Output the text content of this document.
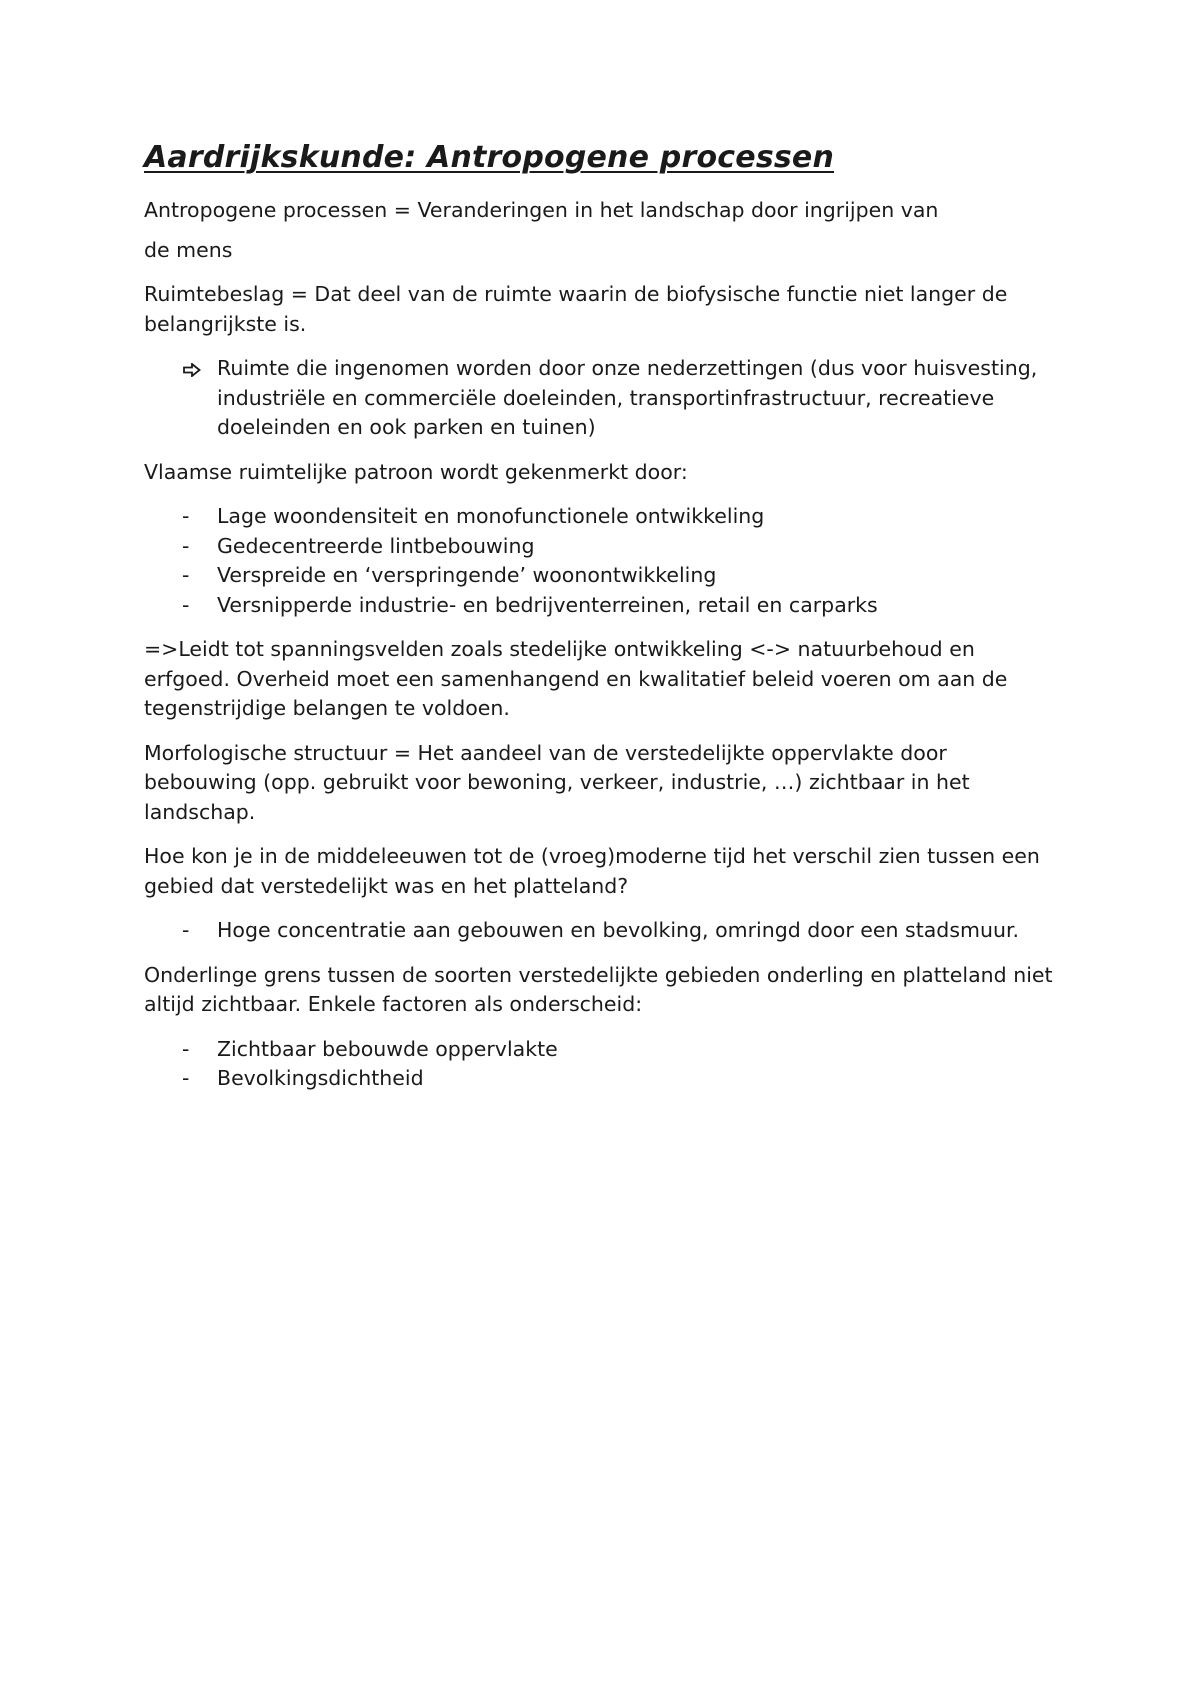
Aardrijkskunde: Antropogene processen

Antropogene processen = Veranderingen in het landschap door ingrijpen van

de mens

Ruimtebeslag = Dat deel van de ruimte waarin de biofysische functie niet langer de belangrijkste is.

Ruimte die ingenomen worden door onze nederzettingen (dus voor huisvesting, industriële en commerciële doeleinden, transportinfrastructuur, recreatieve doeleinden en ook parken en tuinen)

Vlaamse ruimtelijke patroon wordt gekenmerkt door:

-	Lage woondensiteit en monofunctionele ontwikkeling
-	Gedecentreerde lintbebouwing
-	Verspreide en ‘verspringende’ woonontwikkeling
-	Versnipperde industrie- en bedrijventerreinen, retail en carparks

=>Leidt tot spanningsvelden zoals stedelijke ontwikkeling <-> natuurbehoud en erfgoed. Overheid moet een samenhangend en kwalitatief beleid voeren om aan de tegenstrijdige belangen te voldoen.

Morfologische structuur = Het aandeel van de verstedelijkte oppervlakte door bebouwing (opp. gebruikt voor bewoning, verkeer, industrie, …) zichtbaar in het landschap.

Hoe kon je in de middeleeuwen tot de (vroeg)moderne tijd het verschil zien tussen een gebied dat verstedelijkt was en het platteland?

-	Hoge concentratie aan gebouwen en bevolking, omringd door een stadsmuur.

Onderlinge grens tussen de soorten verstedelijkte gebieden onderling en platteland niet altijd zichtbaar. Enkele factoren als onderscheid:

-	Zichtbaar bebouwde oppervlakte
-	Bevolkingsdichtheid
